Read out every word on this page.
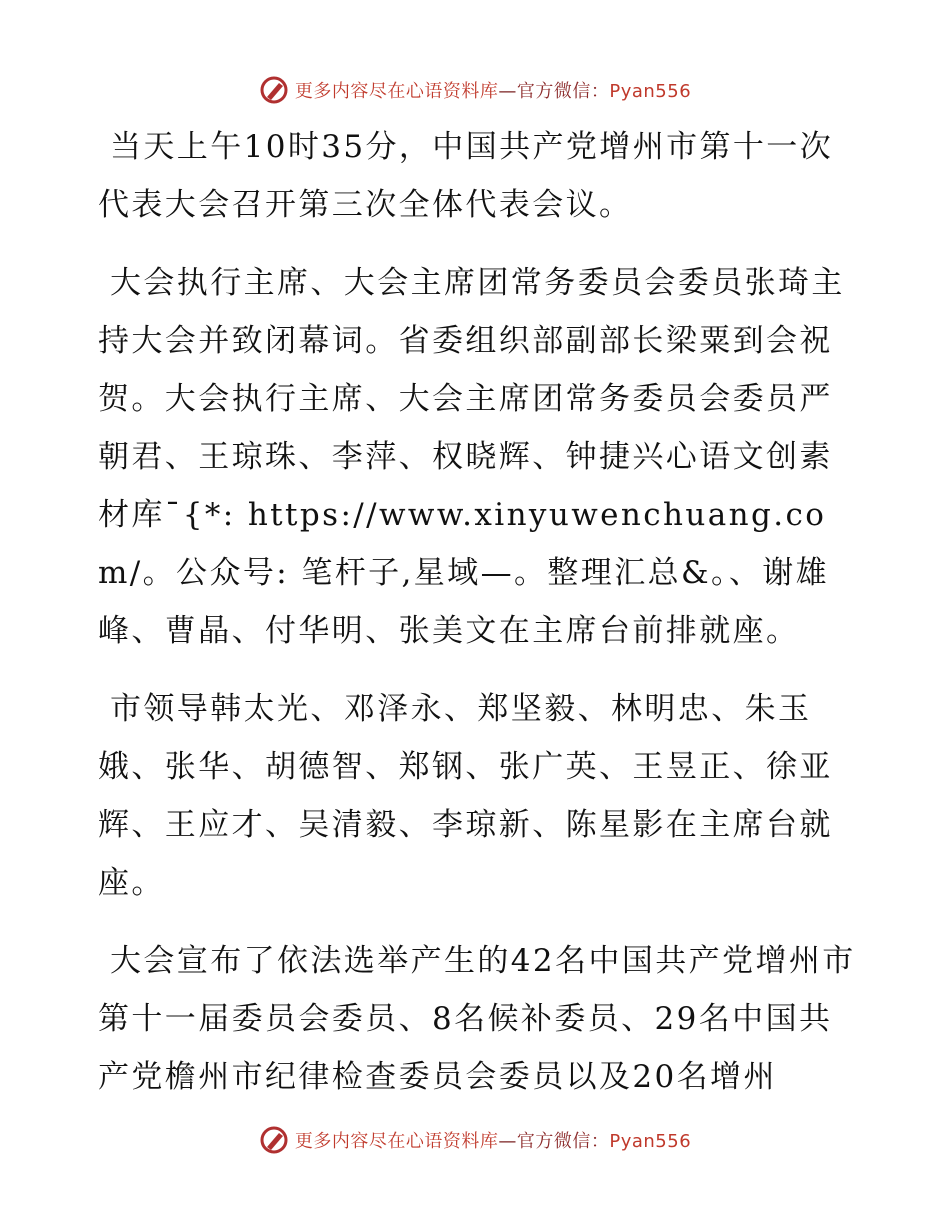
更多内容尽在心语资料库—官方微信：Pyan556

当天上午10时35分，中国共产党增州市第十一次代表大会召开第三次全体代表会议。

大会执行主席、大会主席团常务委员会委员张琦主持大会并致闭幕词。省委组织部副部长梁粟到会祝贺。大会执行主席、大会主席团常务委员会委员严朝君、王琼珠、李萍、权晓辉、钟捷兴心语文创素材库¯{*: https://www.xinyuwenchuang.com/。公众号: 笔杆子,星域—。整理汇总&。、谢雄峰、曹晶、付华明、张美文在主席台前排就座。

市领导韩太光、邓泽永、郑坚毅、林明忠、朱玉娥、张华、胡德智、郑钢、张广英、王昱正、徐亚辉、王应才、吴清毅、李琼新、陈星影在主席台就座。

大会宣布了依法选举产生的42名中国共产党增州市第十一届委员会委员、8名候补委员、29名中国共产党檐州市纪律检查委员会委员以及20名增州

更多内容尽在心语资料库—官方微信：Pyan556
